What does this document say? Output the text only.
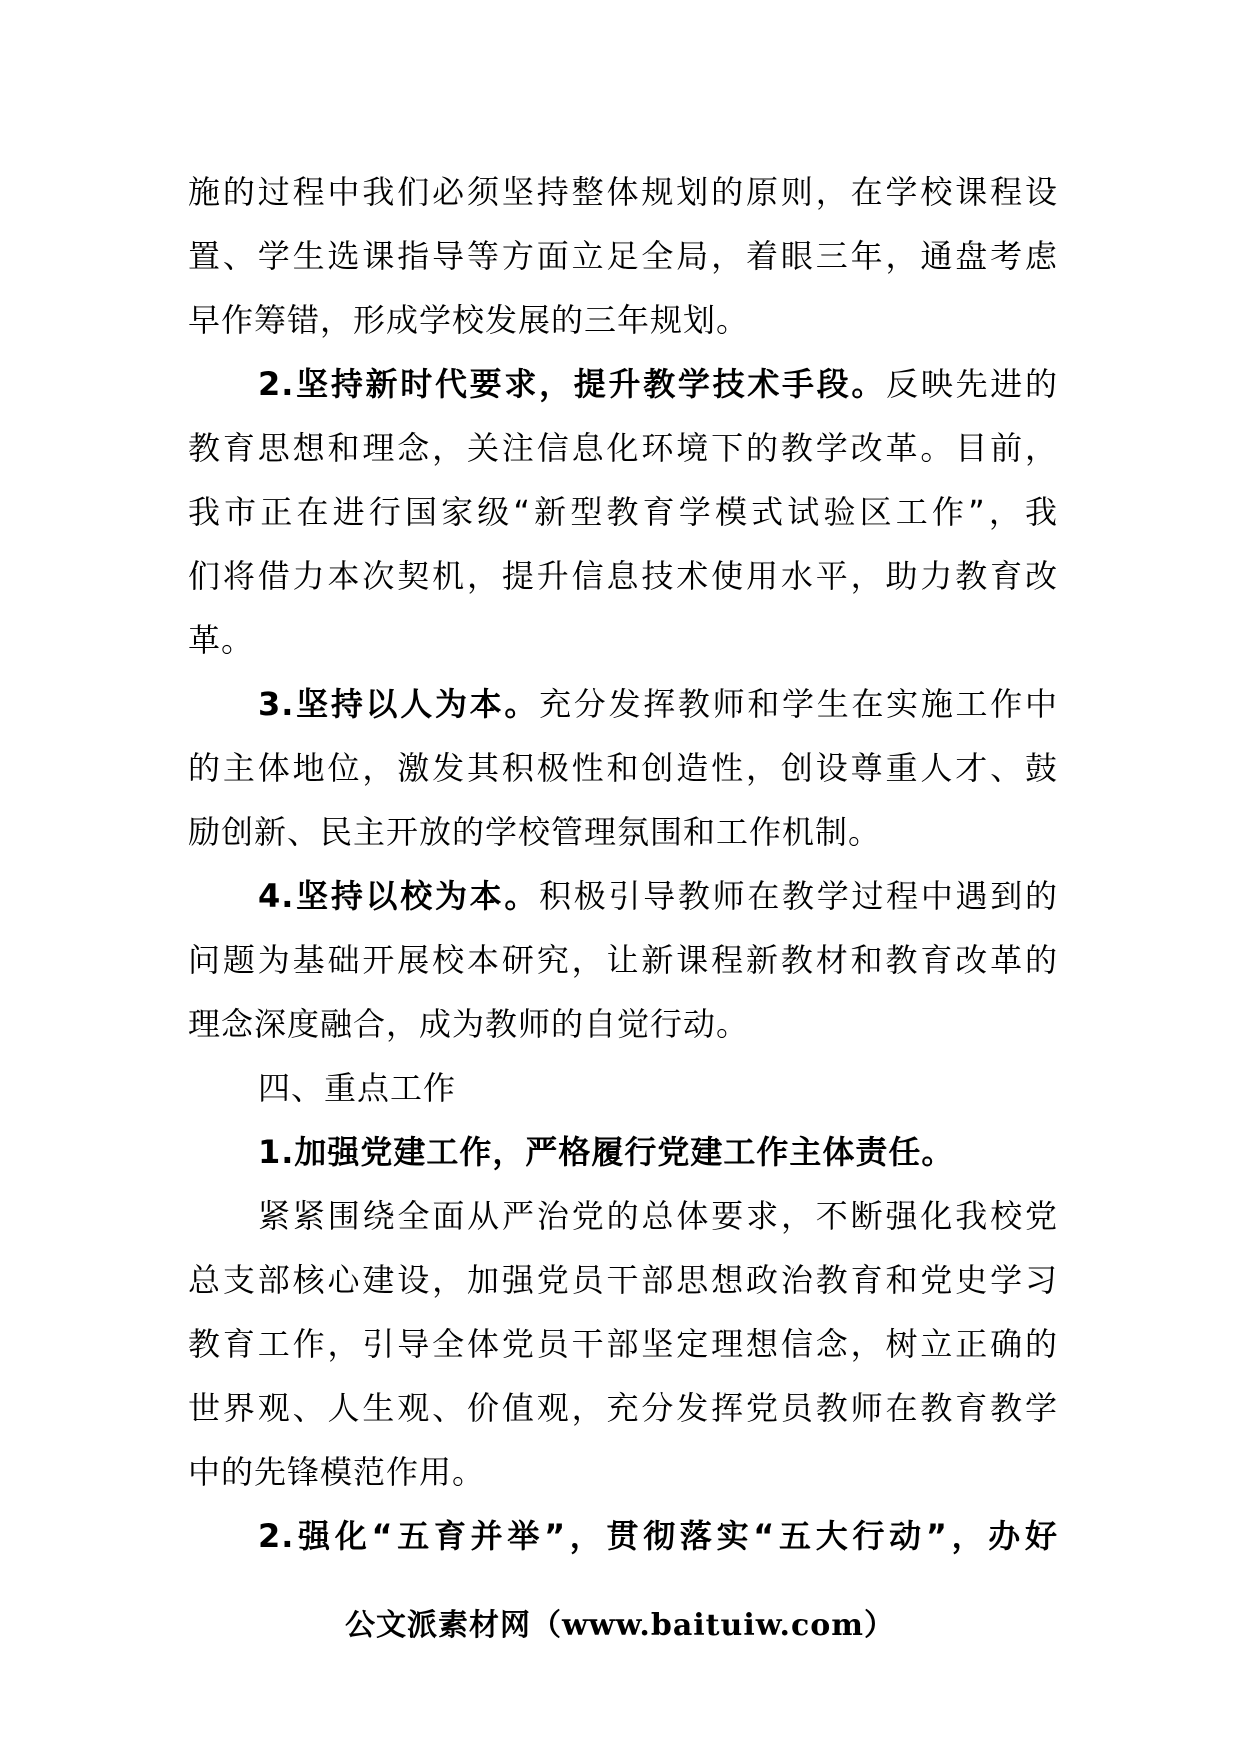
施的过程中我们必须坚持整体规划的原则，在学校课程设
置、学生选课指导等方面立足全局，着眼三年，通盘考虑
早作筹错，形成学校发展的三年规划。
2.坚持新时代要求，提升教学技术手段。反映先进的
教育思想和理念，关注信息化环境下的教学改革。目前，
我市正在进行国家级“新型教育学模式试验区工作”，我
们将借力本次契机，提升信息技术使用水平，助力教育改
革。
3.坚持以人为本。充分发挥教师和学生在实施工作中
的主体地位，激发其积极性和创造性，创设尊重人才、鼓
励创新、民主开放的学校管理氛围和工作机制。
4.坚持以校为本。积极引导教师在教学过程中遇到的
问题为基础开展校本研究，让新课程新教材和教育改革的
理念深度融合，成为教师的自觉行动。
四、重点工作
1.加强党建工作，严格履行党建工作主体责任。
紧紧围绕全面从严治党的总体要求，不断强化我校党
总支部核心建设，加强党员干部思想政治教育和党史学习
教育工作，引导全体党员干部坚定理想信念，树立正确的
世界观、人生观、价值观，充分发挥党员教师在教育教学
中的先锋模范作用。
2.强化“五育并举”，贯彻落实“五大行动”，办好
公文派素材网（www.baituiw.com）
